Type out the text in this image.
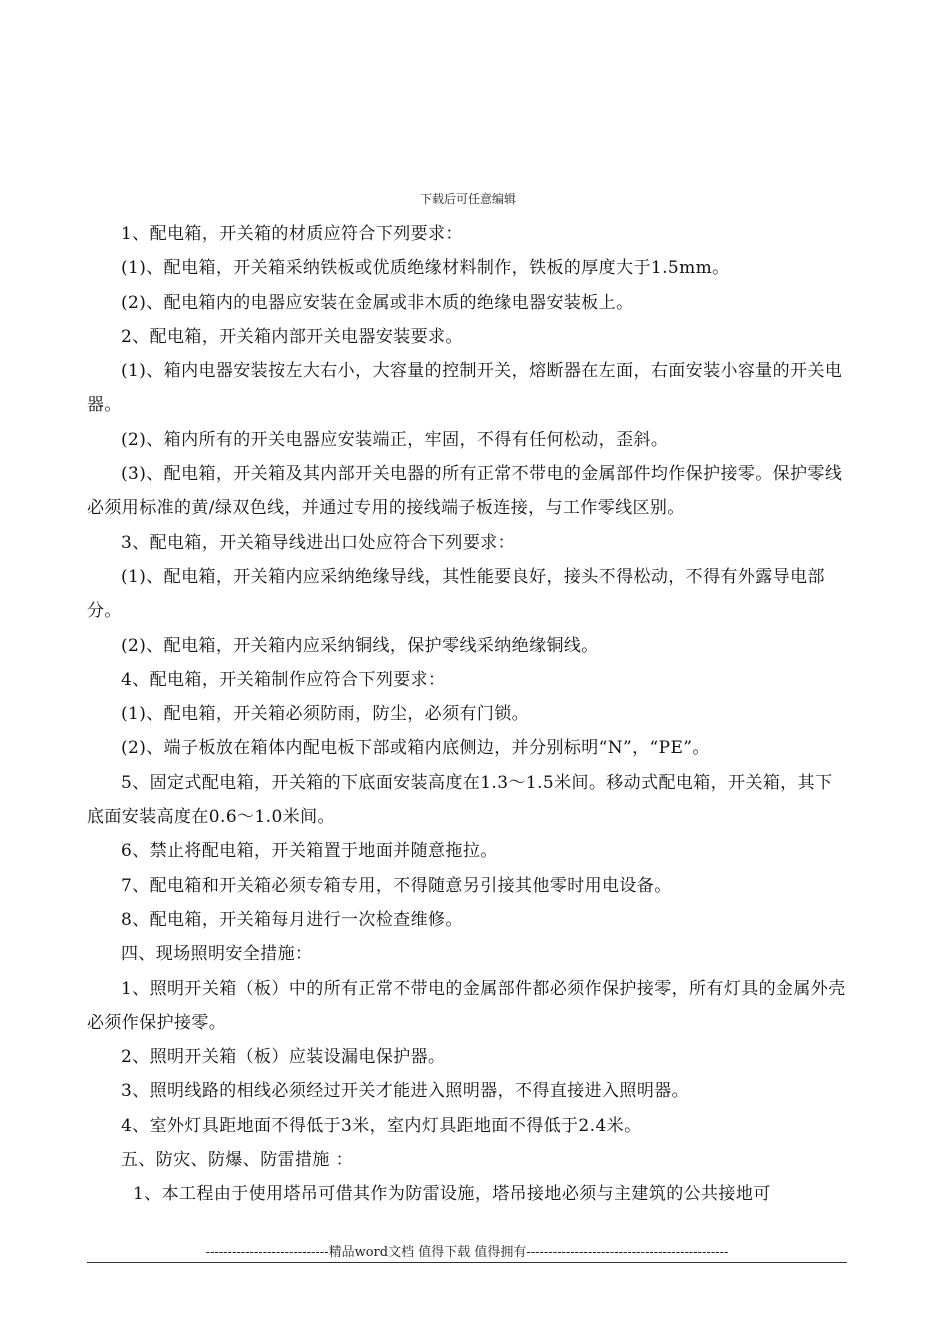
下载后可任意编辑

1、配电箱，开关箱的材质应符合下列要求：

(1)、配电箱，开关箱采纳铁板或优质绝缘材料制作，铁板的厚度大于1.5mm。

(2)、配电箱内的电器应安装在金属或非木质的绝缘电器安装板上。

2、配电箱，开关箱内部开关电器安装要求。

(1)、箱内电器安装按左大右小，大容量的控制开关，熔断器在左面，右面安装小容量的开关电器。

(2)、箱内所有的开关电器应安装端正，牢固，不得有任何松动，歪斜。

(3)、配电箱，开关箱及其内部开关电器的所有正常不带电的金属部件均作保护接零。保护零线必须用标准的黄/绿双色线，并通过专用的接线端子板连接，与工作零线区别。

3、配电箱，开关箱导线进出口处应符合下列要求：

(1)、配电箱，开关箱内应采纳绝缘导线，其性能要良好，接头不得松动，不得有外露导电部分。

(2)、配电箱，开关箱内应采纳铜线，保护零线采纳绝缘铜线。

4、配电箱，开关箱制作应符合下列要求：

(1)、配电箱，开关箱必须防雨，防尘，必须有门锁。

(2)、端子板放在箱体内配电板下部或箱内底侧边，并分别标明“N”，“PE”。

5、固定式配电箱，开关箱的下底面安装高度在1.3～1.5米间。移动式配电箱，开关箱，其下底面安装高度在0.6～1.0米间。

6、禁止将配电箱，开关箱置于地面并随意拖拉。

7、配电箱和开关箱必须专箱专用，不得随意另引接其他零时用电设备。

8、配电箱，开关箱每月进行一次检查维修。

四、现场照明安全措施：

1、照明开关箱（板）中的所有正常不带电的金属部件都必须作保护接零，所有灯具的金属外壳必须作保护接零。

2、照明开关箱（板）应装设漏电保护器。

3、照明线路的相线必须经过开关才能进入照明器，不得直接进入照明器。

4、室外灯具距地面不得低于3米，室内灯具距地面不得低于2.4米。

五、防灾、防爆、防雷措施 ：

1、本工程由于使用塔吊可借其作为防雷设施，塔吊接地必须与主建筑的公共接地可

----------------------------精品word文档 值得下载 值得拥有----------------------------------------------
